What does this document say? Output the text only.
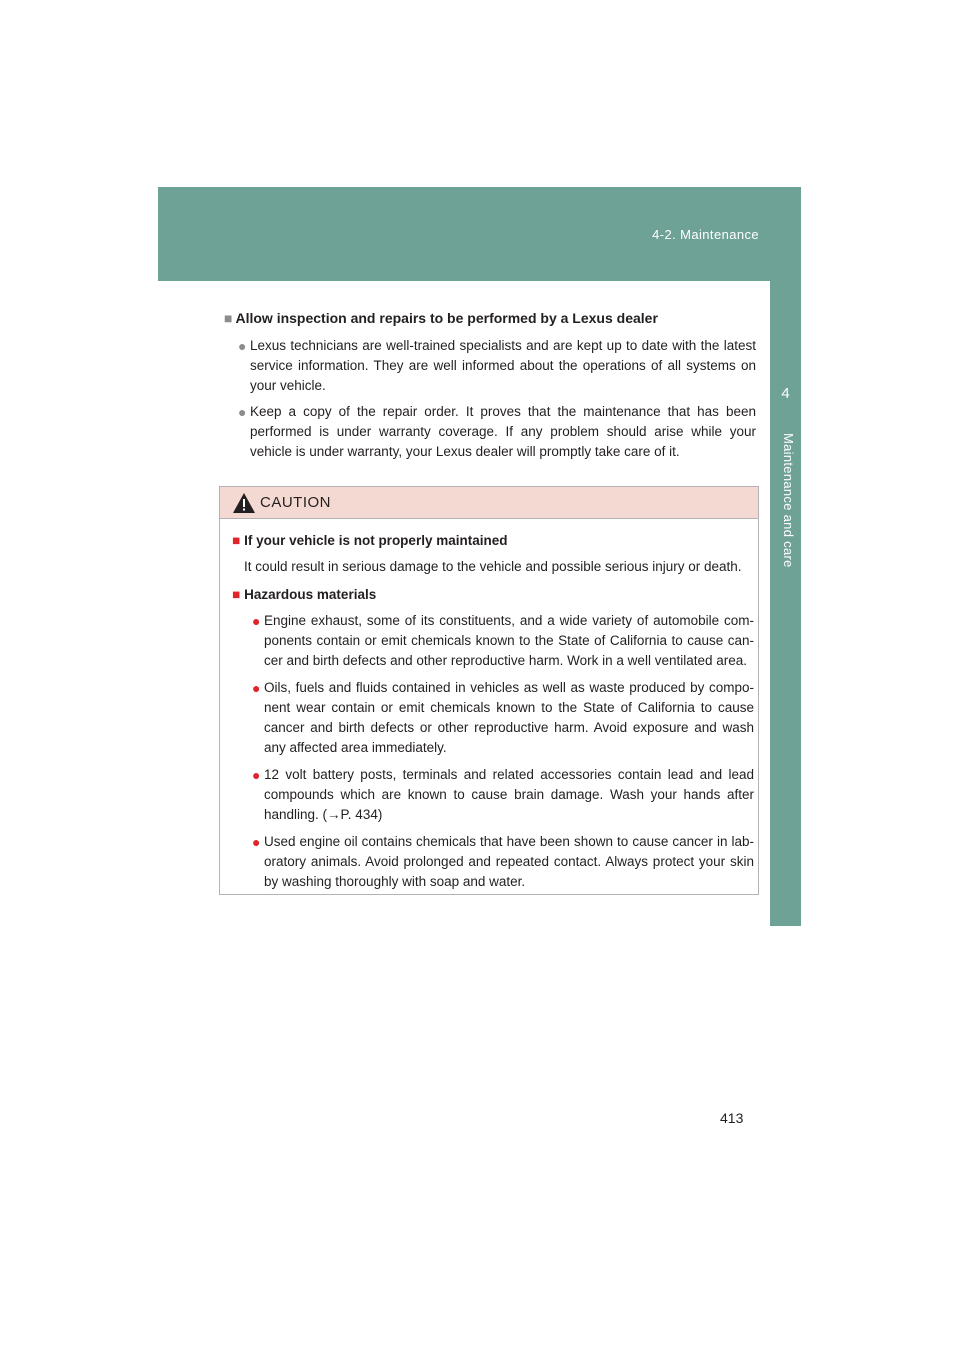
4-2. Maintenance
4
Maintenance and care
■ Allow inspection and repairs to be performed by a Lexus dealer
● Lexus technicians are well-trained specialists and are kept up to date with the latest service information. They are well informed about the operations of all systems on your vehicle.
● Keep a copy of the repair order. It proves that the maintenance that has been performed is under warranty coverage. If any problem should arise while your vehicle is under warranty, your Lexus dealer will promptly take care of it.
CAUTION
■ If your vehicle is not properly maintained
It could result in serious damage to the vehicle and possible serious injury or death.
■ Hazardous materials
● Engine exhaust, some of its constituents, and a wide variety of automobile com-ponents contain or emit chemicals known to the State of California to cause can-cer and birth defects and other reproductive harm. Work in a well ventilated area.
● Oils, fuels and fluids contained in vehicles as well as waste produced by compo-nent wear contain or emit chemicals known to the State of California to cause cancer and birth defects or other reproductive harm. Avoid exposure and wash any affected area immediately.
● 12 volt battery posts, terminals and related accessories contain lead and lead compounds which are known to cause brain damage. Wash your hands after handling. (→P. 434)
● Used engine oil contains chemicals that have been shown to cause cancer in lab-oratory animals. Avoid prolonged and repeated contact. Always protect your skin by washing thoroughly with soap and water.
413
